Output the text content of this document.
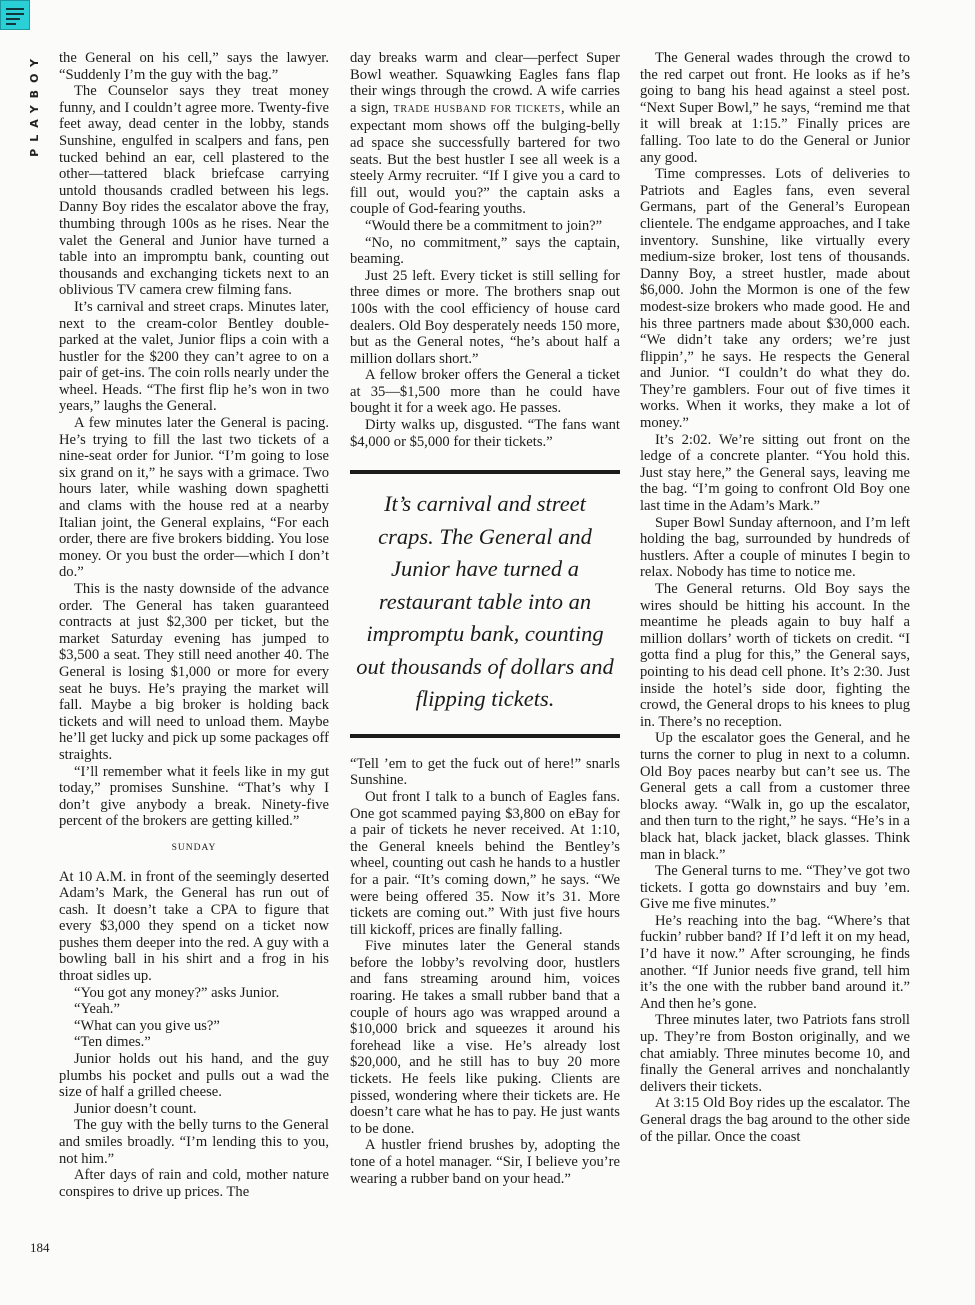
PLAYBOY
184

the General on his cell,” says the lawyer. “Suddenly I’m the guy with the bag.”

The Counselor says they treat money funny, and I couldn’t agree more. Twenty-five feet away, dead center in the lobby, stands Sunshine, engulfed in scalpers and fans, pen tucked behind an ear, cell plastered to the other—tattered black briefcase carrying untold thousands cradled between his legs. Danny Boy rides the escalator above the fray, thumbing through 100s as he rises. Near the valet the General and Junior have turned a table into an impromptu bank, counting out thousands and exchanging tickets next to an oblivious TV camera crew filming fans.

It’s carnival and street craps. Minutes later, next to the cream-color Bentley double-parked at the valet, Junior flips a coin with a hustler for the $200 they can’t agree to on a pair of get-ins. The coin rolls nearly under the wheel. Heads. “The first flip he’s won in two years,” laughs the General.

A few minutes later the General is pacing. He’s trying to fill the last two tickets of a nine-seat order for Junior. “I’m going to lose six grand on it,” he says with a grimace. Two hours later, while washing down spaghetti and clams with the house red at a nearby Italian joint, the General explains, “For each order, there are five brokers bidding. You lose money. Or you bust the order—which I don’t do.”

This is the nasty downside of the advance order. The General has taken guaranteed contracts at just $2,300 per ticket, but the market Saturday evening has jumped to $3,500 a seat. They still need another 40. The General is losing $1,000 or more for every seat he buys. He’s praying the market will fall. Maybe a big broker is holding back tickets and will need to unload them. Maybe he’ll get lucky and pick up some packages off straights.

“I’ll remember what it feels like in my gut today,” promises Sunshine. “That’s why I don’t give anybody a break. Ninety-five percent of the brokers are getting killed.”

SUNDAY

At 10 A.M. in front of the seemingly deserted Adam’s Mark, the General has run out of cash. It doesn’t take a CPA to figure that every $3,000 they spend on a ticket now pushes them deeper into the red. A guy with a bowling ball in his shirt and a frog in his throat sidles up.

“You got any money?” asks Junior.

“Yeah.”

“What can you give us?”

“Ten dimes.”

Junior holds out his hand, and the guy plumbs his pocket and pulls out a wad the size of half a grilled cheese.

Junior doesn’t count.

The guy with the belly turns to the General and smiles broadly. “I’m lending this to you, not him.”

After days of rain and cold, mother nature conspires to drive up prices. The

day breaks warm and clear—perfect Super Bowl weather. Squawking Eagles fans flap their wings through the crowd. A wife carries a sign, TRADE HUSBAND FOR TICKETS, while an expectant mom shows off the bulging-belly ad space she successfully bartered for two seats. But the best hustler I see all week is a steely Army recruiter. “If I give you a card to fill out, would you?” the captain asks a couple of God-fearing youths.

“Would there be a commitment to join?”

“No, no commitment,” says the captain, beaming.

Just 25 left. Every ticket is still selling for three dimes or more. The brothers snap out 100s with the cool efficiency of house card dealers. Old Boy desperately needs 150 more, but as the General notes, “he’s about half a million dollars short.”

A fellow broker offers the General a ticket at 35—$1,500 more than he could have bought it for a week ago. He passes.

Dirty walks up, disgusted. “The fans want $4,000 or $5,000 for their tickets.”

It’s carnival and street craps. The General and Junior have turned a restaurant table into an impromptu bank, counting out thousands of dollars and flipping tickets.

“Tell ’em to get the fuck out of here!” snarls Sunshine.

Out front I talk to a bunch of Eagles fans. One got scammed paying $3,800 on eBay for a pair of tickets he never received. At 1:10, the General kneels behind the Bentley’s wheel, counting out cash he hands to a hustler for a pair. “It’s coming down,” he says. “We were being offered 35. Now it’s 31. More tickets are coming out.” With just five hours till kickoff, prices are finally falling.

Five minutes later the General stands before the lobby’s revolving door, hustlers and fans streaming around him, voices roaring. He takes a small rubber band that a couple of hours ago was wrapped around a $10,000 brick and squeezes it around his forehead like a vise. He’s already lost $20,000, and he still has to buy 20 more tickets. He feels like puking. Clients are pissed, wondering where their tickets are. He doesn’t care what he has to pay. He just wants to be done.

A hustler friend brushes by, adopting the tone of a hotel manager. “Sir, I believe you’re wearing a rubber band on your head.”

The General wades through the crowd to the red carpet out front. He looks as if he’s going to bang his head against a steel post. “Next Super Bowl,” he says, “remind me that it will break at 1:15.” Finally prices are falling. Too late to do the General or Junior any good.

Time compresses. Lots of deliveries to Patriots and Eagles fans, even several Germans, part of the General’s European clientele. The endgame approaches, and I take inventory. Sunshine, like virtually every medium-size broker, lost tens of thousands. Danny Boy, a street hustler, made about $6,000. John the Mormon is one of the few modest-size brokers who made good. He and his three partners made about $30,000 each. “We didn’t take any orders; we’re just flippin’,” he says. He respects the General and Junior. “I couldn’t do what they do. They’re gamblers. Four out of five times it works. When it works, they make a lot of money.”

It’s 2:02. We’re sitting out front on the ledge of a concrete planter. “You hold this. Just stay here,” the General says, leaving me the bag. “I’m going to confront Old Boy one last time in the Adam’s Mark.”

Super Bowl Sunday afternoon, and I’m left holding the bag, surrounded by hundreds of hustlers. After a couple of minutes I begin to relax. Nobody has time to notice me.

The General returns. Old Boy says the wires should be hitting his account. In the meantime he pleads again to buy half a million dollars’ worth of tickets on credit. “I gotta find a plug for this,” the General says, pointing to his dead cell phone. It’s 2:30. Just inside the hotel’s side door, fighting the crowd, the General drops to his knees to plug in. There’s no reception.

Up the escalator goes the General, and he turns the corner to plug in next to a column. Old Boy paces nearby but can’t see us. The General gets a call from a customer three blocks away. “Walk in, go up the escalator, and then turn to the right,” he says. “He’s in a black hat, black jacket, black glasses. Think man in black.”

The General turns to me. “They’ve got two tickets. I gotta go downstairs and buy ’em. Give me five minutes.”

He’s reaching into the bag. “Where’s that fuckin’ rubber band? If I’d left it on my head, I’d have it now.” After scrounging, he finds another. “If Junior needs five grand, tell him it’s the one with the rubber band around it.” And then he’s gone.

Three minutes later, two Patriots fans stroll up. They’re from Boston originally, and we chat amiably. Three minutes become 10, and finally the General arrives and nonchalantly delivers their tickets.

At 3:15 Old Boy rides up the escalator. The General drags the bag around to the other side of the pillar. Once the coast
